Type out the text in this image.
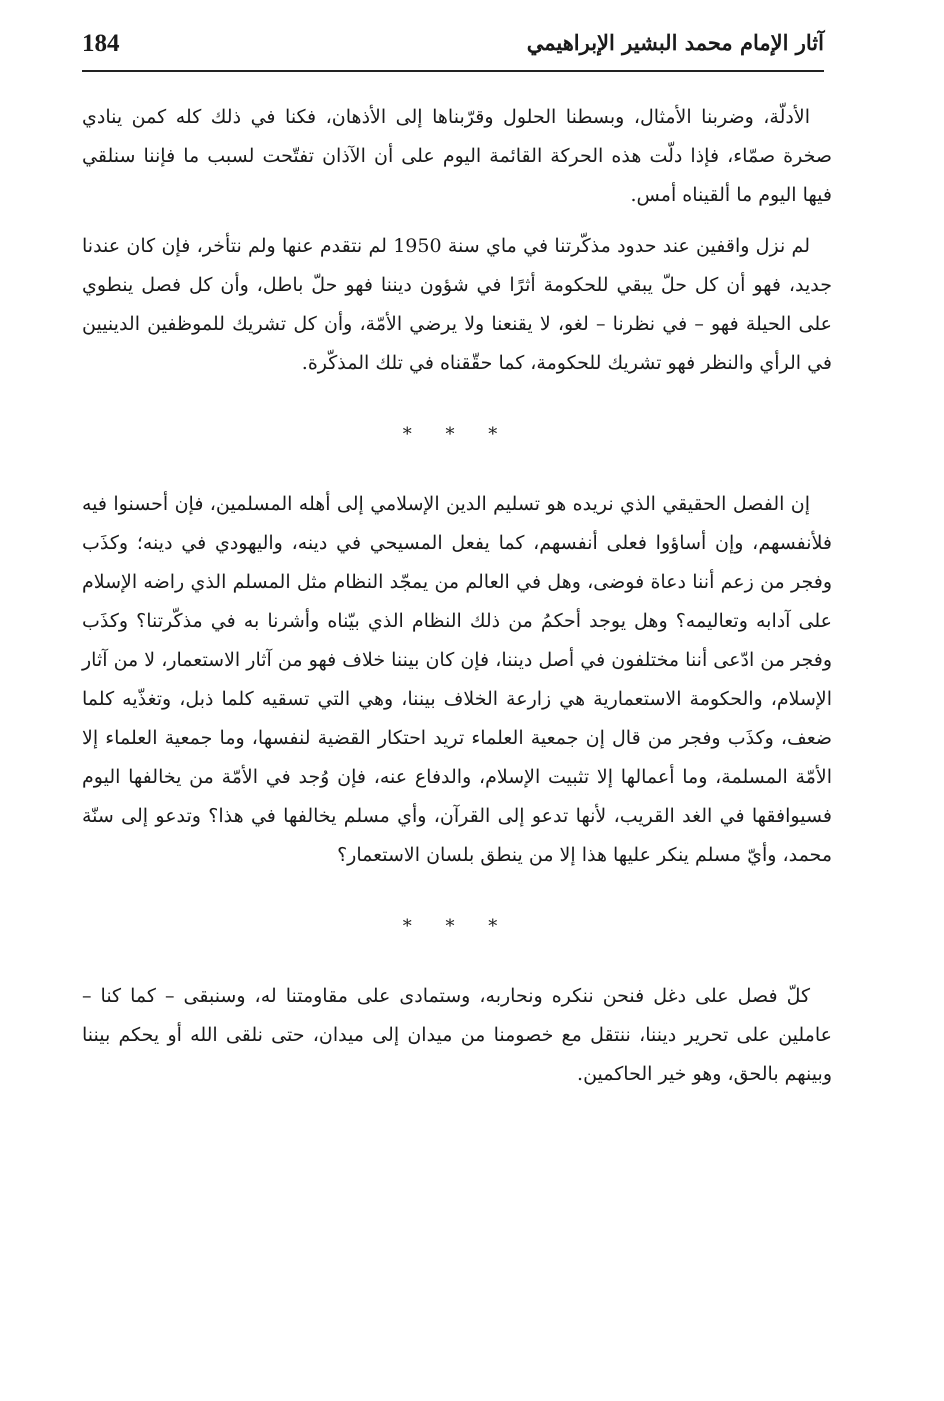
184	آثار الإمام محمد البشير الإبراهيمي

الأدلّة، وضربنا الأمثال، وبسطنا الحلول وقرّبناها إلى الأذهان، فكنا في ذلك كله كمن ينادي صخرة صمّاء، فإذا دلّت هذه الحركة القائمة اليوم على أن الآذان تفتّحت لسبب ما فإننا سنلقي فيها اليوم ما ألقيناه أمس.

لم نزل واقفين عند حدود مذكّرتنا في ماي سنة 1950 لم نتقدم عنها ولم نتأخر، فإن كان عندنا جديد، فهو أن كل حلّ يبقي للحكومة أثرًا في شؤون ديننا فهو حلّ باطل، وأن كل فصل ينطوي على الحيلة فهو – في نظرنا – لغو، لا يقنعنا ولا يرضي الأمّة، وأن كل تشريك للموظفين الدينيين في الرأي والنظر فهو تشريك للحكومة، كما حقّقناه في تلك المذكّرة.

* * *

إن الفصل الحقيقي الذي نريده هو تسليم الدين الإسلامي إلى أهله المسلمين، فإن أحسنوا فيه فلأنفسهم، وإن أساؤوا فعلى أنفسهم، كما يفعل المسيحي في دينه، واليهودي في دينه؛ وكذَب وفجر من زعم أننا دعاة فوضى، وهل في العالم من يمجّد النظام مثل المسلم الذي راضه الإسلام على آدابه وتعاليمه؟ وهل يوجد أحكمُ من ذلك النظام الذي بيّناه وأشرنا به في مذكّرتنا؟ وكذَب وفجر من ادّعى أننا مختلفون في أصل ديننا، فإن كان بيننا خلاف فهو من آثار الاستعمار، لا من آثار الإسلام، والحكومة الاستعمارية هي زارعة الخلاف بيننا، وهي التي تسقيه كلما ذبل، وتغذّيه كلما ضعف، وكذَب وفجر من قال إن جمعية العلماء تريد احتكار القضية لنفسها، وما جمعية العلماء إلا الأمّة المسلمة، وما أعمالها إلا تثبيت الإسلام، والدفاع عنه، فإن وُجد في الأمّة من يخالفها اليوم فسيوافقها في الغد القريب، لأنها تدعو إلى القرآن، وأي مسلم يخالفها في هذا؟ وتدعو إلى سنّة محمد، وأيّ مسلم ينكر عليها هذا إلا من ينطق بلسان الاستعمار؟

* * *

كلّ فصل على دغل فنحن ننكره ونحاربه، وستمادى على مقاومتنا له، وسنبقى – كما كنا – عاملين على تحرير ديننا، ننتقل مع خصومنا من ميدان إلى ميدان، حتى نلقى الله أو يحكم بيننا وبينهم بالحق، وهو خير الحاكمين.
